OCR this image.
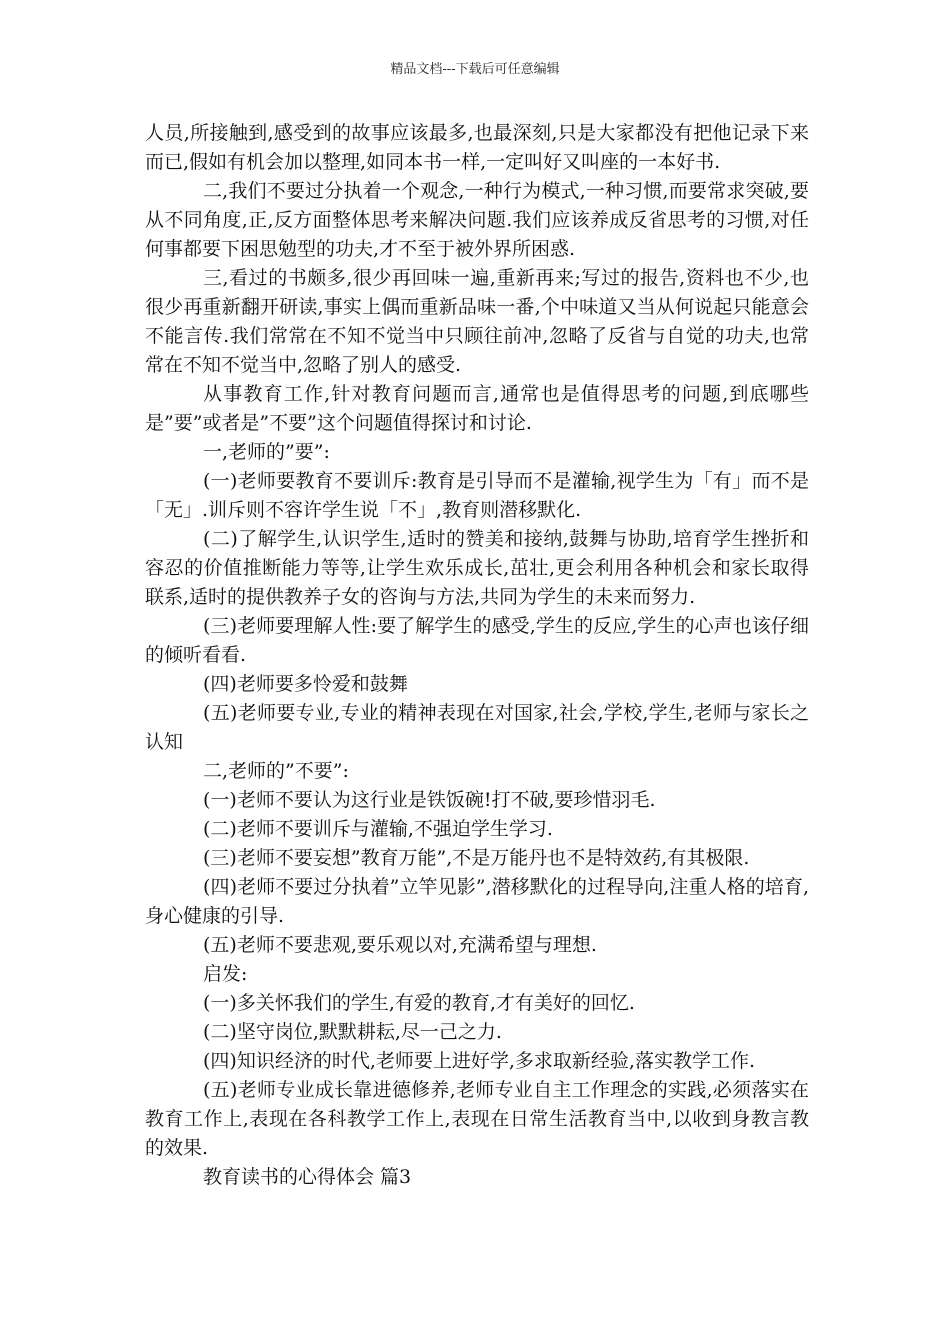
精品文档---下载后可任意编辑

人员,所接触到,感受到的故事应该最多,也最深刻,只是大家都没有把他记录下来而已,假如有机会加以整理,如同本书一样,一定叫好又叫座的一本好书.

二,我们不要过分执着一个观念,一种行为模式,一种习惯,而要常求突破,要从不同角度,正,反方面整体思考来解决问题.我们应该养成反省思考的习惯,对任何事都要下困思勉型的功夫,才不至于被外界所困惑.

三,看过的书颇多,很少再回味一遍,重新再来;写过的报告,资料也不少,也很少再重新翻开研读,事实上偶而重新品味一番,个中味道又当从何说起只能意会不能言传.我们常常在不知不觉当中只顾往前冲,忽略了反省与自觉的功夫,也常常在不知不觉当中,忽略了别人的感受.

从事教育工作,针对教育问题而言,通常也是值得思考的问题,到底哪些是”要”或者是”不要”这个问题值得探讨和讨论.

一,老师的”要”:

(一)老师要教育不要训斥:教育是引导而不是灌输,视学生为「有」而不是「无」.训斥则不容许学生说「不」,教育则潜移默化.

(二)了解学生,认识学生,适时的赞美和接纳,鼓舞与协助,培育学生挫折和容忍的价值推断能力等等,让学生欢乐成长,茁壮,更会利用各种机会和家长取得联系,适时的提供教养子女的咨询与方法,共同为学生的未来而努力.

(三)老师要理解人性:要了解学生的感受,学生的反应,学生的心声也该仔细的倾听看看.

(四)老师要多怜爱和鼓舞

(五)老师要专业,专业的精神表现在对国家,社会,学校,学生,老师与家长之认知

二,老师的”不要”:

(一)老师不要认为这行业是铁饭碗!打不破,要珍惜羽毛.

(二)老师不要训斥与灌输,不强迫学生学习.

(三)老师不要妄想”教育万能”,不是万能丹也不是特效药,有其极限.

(四)老师不要过分执着”立竿见影”,潜移默化的过程导向,注重人格的培育,身心健康的引导.

(五)老师不要悲观,要乐观以对,充满希望与理想.

启发:

(一)多关怀我们的学生,有爱的教育,才有美好的回忆.

(二)坚守岗位,默默耕耘,尽一己之力.

(四)知识经济的时代,老师要上进好学,多求取新经验,落实教学工作.

(五)老师专业成长靠进德修养,老师专业自主工作理念的实践,必须落实在教育工作上,表现在各科教学工作上,表现在日常生活教育当中,以收到身教言教的效果.

教育读书的心得体会 篇3
